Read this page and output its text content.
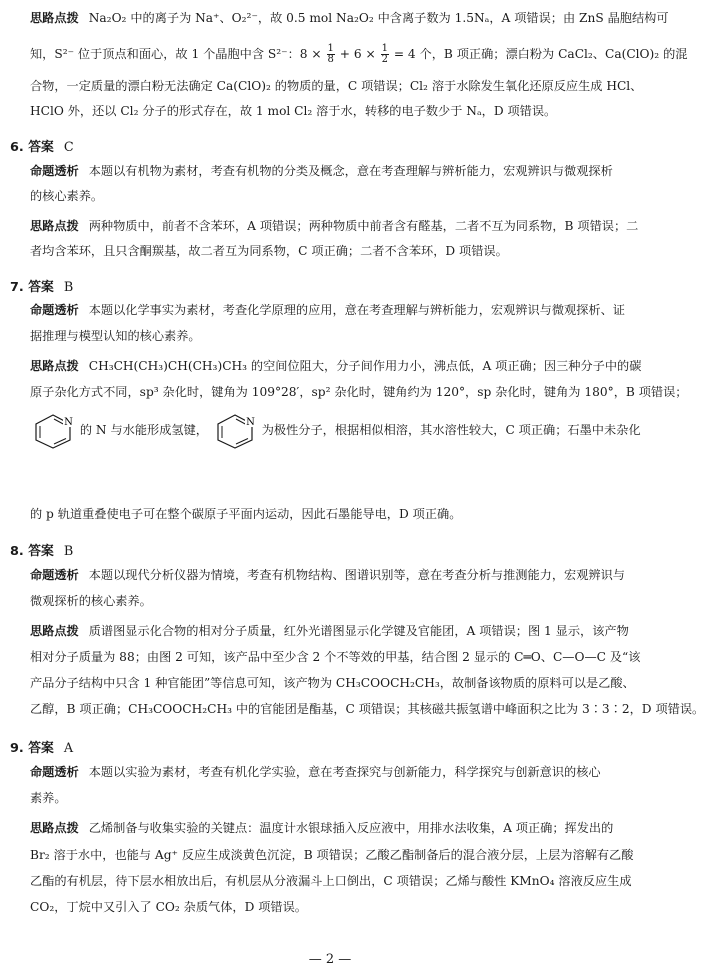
思路点拨 Na₂O₂ 中的离子为 Na⁺、O₂²⁻，故 0.5 mol Na₂O₂ 中含离子数为 1.5Nₐ，A 项错误；由 ZnS 晶胞结构可
知，S²⁻ 位于顶点和面心，故 1 个晶胞中含 S²⁻：$8 \times \frac{1}{8} + 6 \times \frac{1}{2} = 4$ 个，B 项正确；漂白粉为 CaCl₂、Ca(ClO)₂ 的混
合物，一定质量的漂白粉无法确定 Ca(ClO)₂ 的物质的量，C 项错误；Cl₂ 溶于水除发生氧化还原反应生成 HCl、
HClO 外，还以 Cl₂ 分子的形式存在，故 1 mol Cl₂ 溶于水，转移的电子数少于 Nₐ，D 项错误。
6. 答案 C
命题透析 本题以有机物为素材，考查有机物的分类及概念，意在考查理解与辨析能力，宏观辨识与微观探析
的核心素养。
思路点拨 两种物质中，前者不含苯环，A 项错误；两种物质中前者含有醛基，二者不互为同系物，B 项错误；二
者均含苯环，且只含酮羰基，故二者互为同系物，C 项正确；二者不含苯环，D 项错误。
7. 答案 B
命题透析 本题以化学事实为素材，考查化学原理的应用，意在考查理解与辨析能力，宏观辨识与微观探析、证
据推理与模型认知的核心素养。
思路点拨 CH₃CH(CH₃)CH(CH₃)CH₃ 的空间位阻大，分子间作用力小，沸点低，A 项正确；因三种分子中的碳
原子杂化方式不同，sp³ 杂化时，键角为 109°28′，sp² 杂化时，键角约为 120°，sp 杂化时，键角为 180°，B 项错误；
N
的 N 与水能形成氢键，
N
为极性分子，根据相似相溶，其水溶性较大，C 项正确；石墨中未杂化
的 p 轨道重叠使电子可在整个碳原子平面内运动，因此石墨能导电，D 项正确。
8. 答案 B
命题透析 本题以现代分析仪器为情境，考查有机物结构、图谱识别等，意在考查分析与推测能力，宏观辨识与
微观探析的核心素养。
思路点拨 质谱图显示化合物的相对分子质量，红外光谱图显示化学键及官能团，A 项错误；图 1 显示，该产物
相对分子质量为 88；由图 2 可知，该产品中至少含 2 个不等效的甲基，结合图 2 显示的 C═O、C—O—C 及“该
产品分子结构中只含 1 种官能团”等信息可知，该产物为 CH₃COOCH₂CH₃，故制备该物质的原料可以是乙酸、
乙醇，B 项正确；CH₃COOCH₂CH₃ 中的官能团是酯基，C 项错误；其核磁共振氢谱中峰面积之比为 3∶3∶2，D 项错误。
9. 答案 A
命题透析 本题以实验为素材，考查有机化学实验，意在考查探究与创新能力，科学探究与创新意识的核心
素养。
思路点拨 乙烯制备与收集实验的关键点：温度计水银球插入反应液中，用排水法收集，A 项正确；挥发出的
Br₂ 溶于水中，也能与 Ag⁺ 反应生成淡黄色沉淀，B 项错误；乙酸乙酯制备后的混合液分层，上层为溶解有乙酸
乙酯的有机层，待下层水相放出后，有机层从分液漏斗上口倒出，C 项错误；乙烯与酸性 KMnO₄ 溶液反应生成
CO₂，丁烷中又引入了 CO₂ 杂质气体，D 项错误。
— 2 —
